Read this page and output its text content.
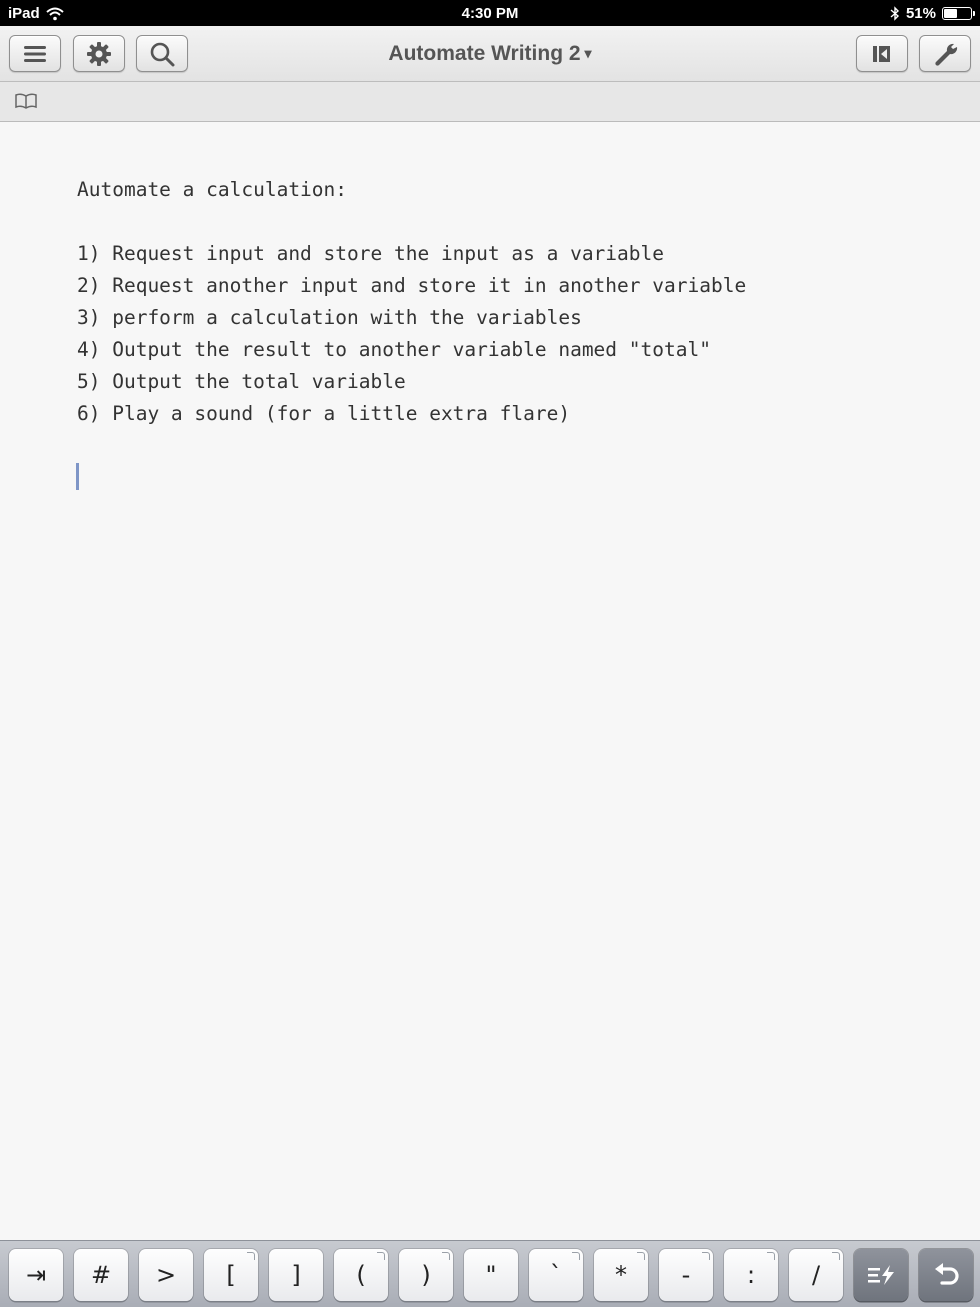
iPad	4:30 PM	51%
Automate Writing 2 ▾
Automate a calculation:
1) Request input and store the input as a variable
2) Request another input and store it in another variable
3) perform a calculation with the variables
4) Output the result to another variable named "total"
5) Output the total variable
6) Play a sound (for a little extra flare)
⇥ # > [ ] ( ) " ` * - : /
